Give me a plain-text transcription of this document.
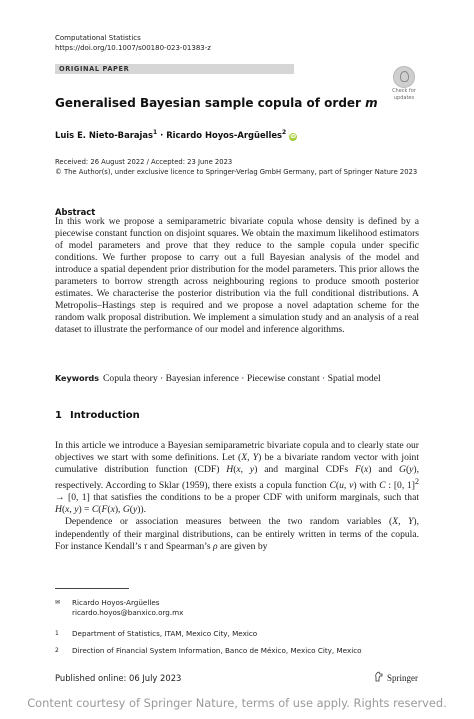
Computational Statistics
https://doi.org/10.1007/s00180-023-01383-z
ORIGINAL PAPER
Check for
updates
Generalised Bayesian sample copula of order m
Luis E. Nieto-Barajas$^1$ · Ricardo Hoyos-Argüelles$^2$ iD
Received: 26 August 2022 / Accepted: 23 June 2023
© The Author(s), under exclusive licence to Springer-Verlag GmbH Germany, part of Springer Nature 2023
Abstract
In this work we propose a semiparametric bivariate copula whose density is defined by a piecewise constant function on disjoint squares. We obtain the maximum likelihood estimators of model parameters and prove that they reduce to the sample copula under specific conditions. We further propose to carry out a full Bayesian analysis of the model and introduce a spatial dependent prior distribution for the model parameters. This prior allows the parameters to borrow strength across neighbouring regions to produce smooth posterior estimates. We characterise the posterior distribution via the full conditional distributions. A Metropolis–Hastings step is required and we propose a novel adaptation scheme for the random walk proposal distribution. We implement a simulation study and an analysis of a real dataset to illustrate the performance of our model and inference algorithms.
Keywords Copula theory · Bayesian inference · Piecewise constant · Spatial model
1 Introduction

In this article we introduce a Bayesian semiparametric bivariate copula and to clearly state our objectives we start with some definitions. Let (X, Y) be a bivariate random vector with joint cumulative distribution function (CDF) H(x, y) and marginal CDFs F(x) and G(y), respectively. According to Sklar (1959), there exists a copula function C(u, v) with C : [0, 1]$^2$ → [0, 1] that satisfies the conditions to be a proper CDF with uniform marginals, such that H(x, y) = C(F(x), G(y)).

Dependence or association measures between the two random variables (X, Y), independently of their marginal distributions, can be entirely written in terms of the copula. For instance Kendall’s τ and Spearman’s ρ are given by

✉ Ricardo Hoyos-Argüelles
ricardo.hoyos@banxico.org.mx
1 Department of Statistics, ITAM, Mexico City, Mexico
2 Direction of Financial System Information, Banco de México, Mexico City, Mexico
Published online: 06 July 2023	Springer
Content courtesy of Springer Nature, terms of use apply. Rights reserved.
